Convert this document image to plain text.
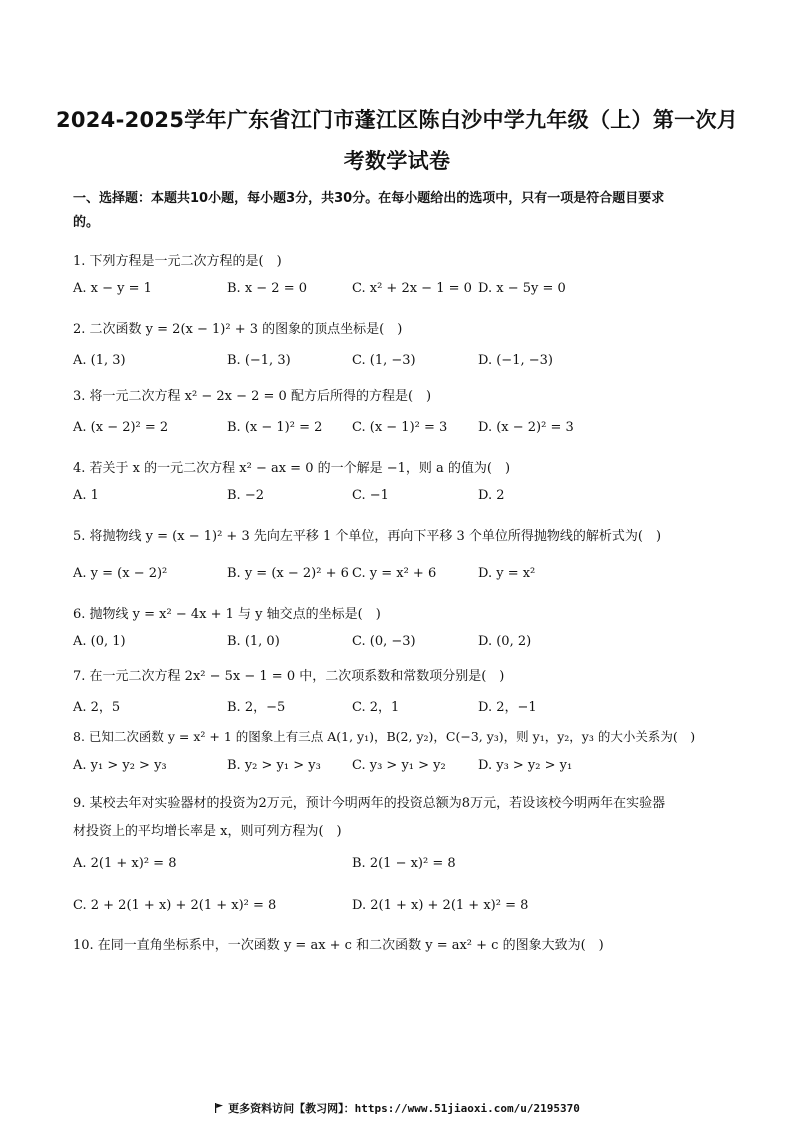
2024-2025学年广东省江门市蓬江区陈白沙中学九年级（上）第一次月
考数学试卷
一、选择题：本题共10小题，每小题3分，共30分。在每小题给出的选项中，只有一项是符合题目要求
的。
1. 下列方程是一元二次方程的是(　)
A. x − y = 1	B. x − 2 = 0	C. x² + 2x − 1 = 0 D. x − 5y = 0
2. 二次函数 y = 2(x − 1)² + 3 的图象的顶点坐标是(　)
A. (1, 3)	B. (−1, 3)	C. (1, −3)	D. (−1, −3)
3. 将一元二次方程 x² − 2x − 2 = 0 配方后所得的方程是(　)
A. (x − 2)² = 2	B. (x − 1)² = 2 C. (x − 1)² = 3 D. (x − 2)² = 3
4. 若关于 x 的一元二次方程 x² − ax = 0 的一个解是 −1，则 a 的值为(　)
A. 1	B. −2	C. −1	D. 2
5. 将抛物线 y = (x − 1)² + 3 先向左平移 1 个单位，再向下平移 3 个单位所得抛物线的解析式为(　)
A. y = (x − 2)²	B. y = (x − 2)² + 6 C. y = x² + 6	D. y = x²
6. 抛物线 y = x² − 4x + 1 与 y 轴交点的坐标是(　)
A. (0, 1)	B. (1, 0)	C. (0, −3)	D. (0, 2)
7. 在一元二次方程 2x² − 5x − 1 = 0 中，二次项系数和常数项分别是(　)
A. 2，5	B. 2，−5	C. 2，1	D. 2，−1
8. 已知二次函数 y = x² + 1 的图象上有三点 A(1, y₁)，B(2, y₂)，C(−3, y₃)，则 y₁，y₂，y₃ 的大小关系为(　)
A. y₁ > y₂ > y₃	B. y₂ > y₁ > y₃ C. y₃ > y₁ > y₂ D. y₃ > y₂ > y₁
9. 某校去年对实验器材的投资为2万元，预计今明两年的投资总额为8万元，若设该校今明两年在实验器
材投资上的平均增长率是 x，则可列方程为(　)
A. 2(1 + x)² = 8	B. 2(1 − x)² = 8
C. 2 + 2(1 + x) + 2(1 + x)² = 8	D. 2(1 + x) + 2(1 + x)² = 8
10. 在同一直角坐标系中，一次函数 y = ax + c 和二次函数 y = ax² + c 的图象大致为(　)
更多资料访问【教习网】：https://www.51jiaoxi.com/u/2195370
